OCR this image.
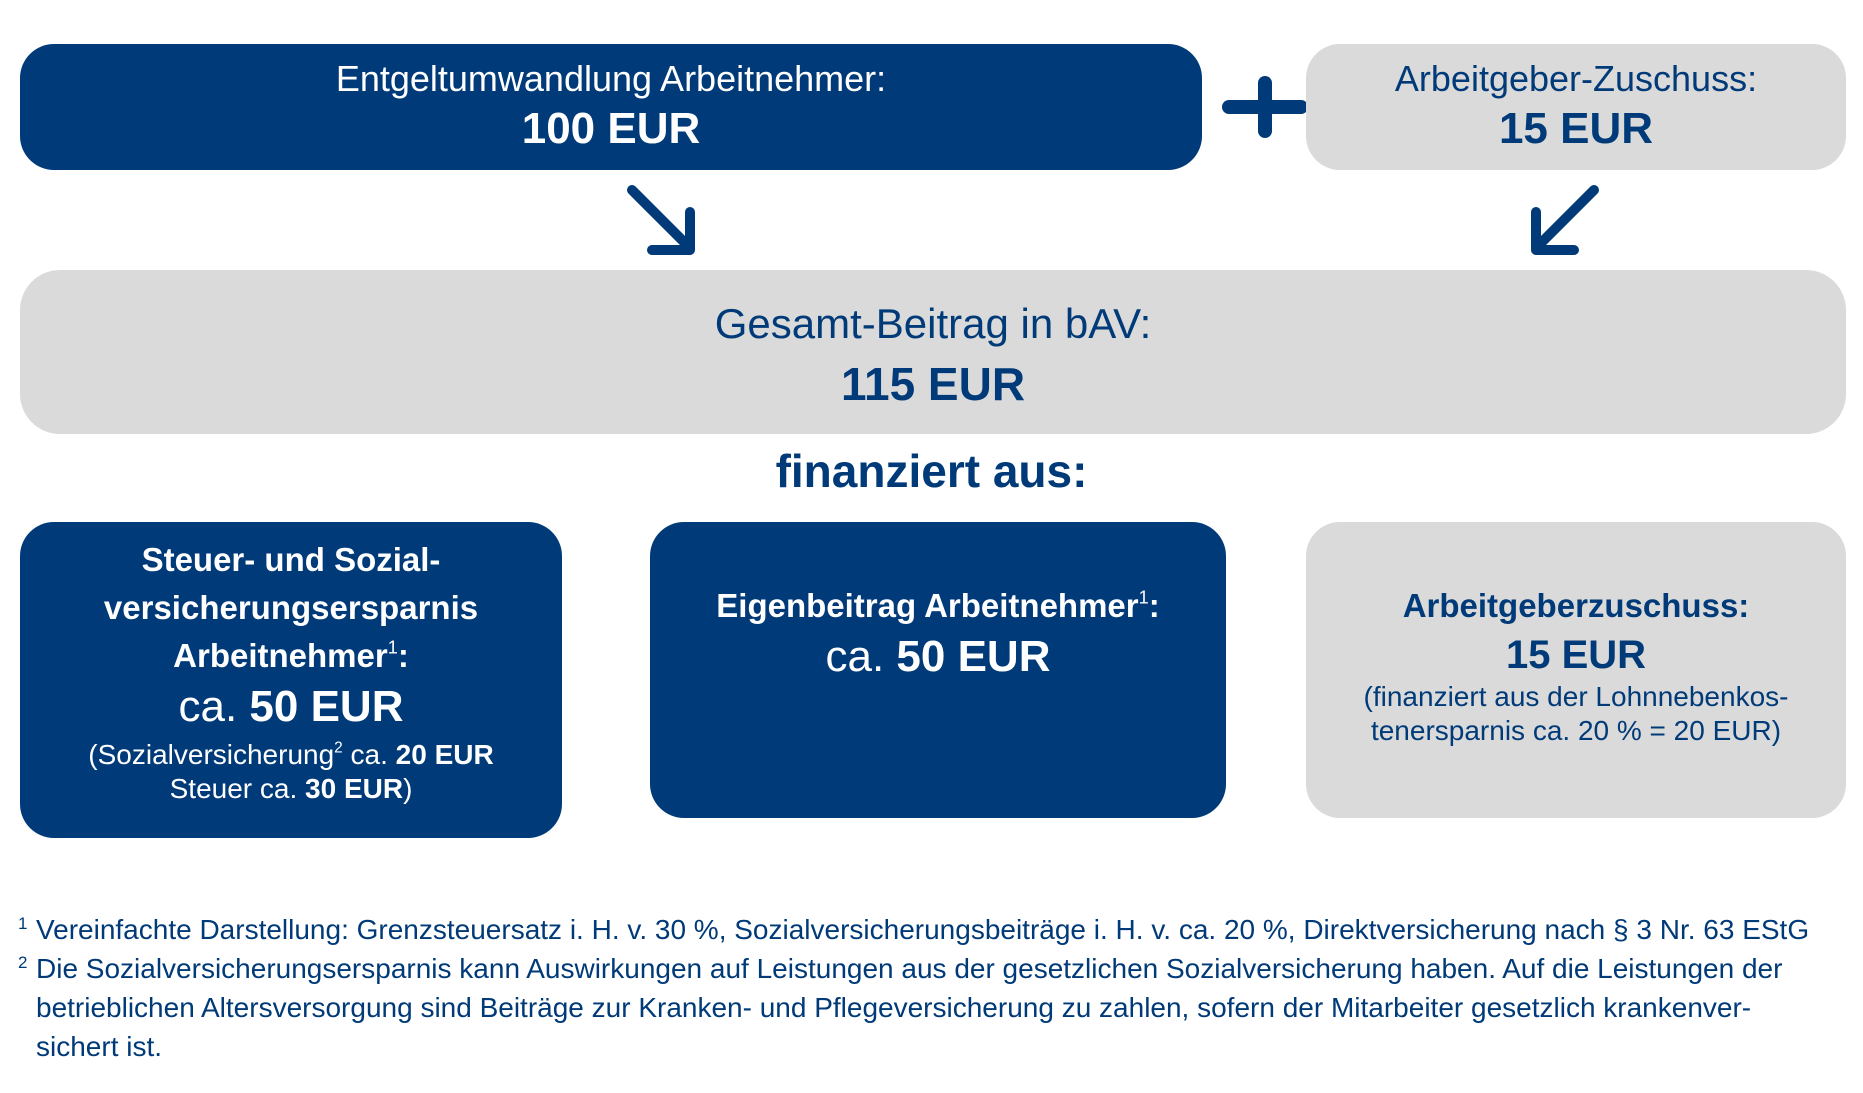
Entgeltumwandlung Arbeitnehmer:
100 EUR
Arbeitgeber-Zuschuss:
15 EUR
Gesamt-Beitrag in bAV:
115 EUR
finanziert aus:
Steuer- und Sozial-
versicherungsersparnis
Arbeitnehmer$^1$:
ca. 50 EUR
(Sozialversicherung$^2$ ca. 20 EUR
Steuer ca. 30 EUR)
Eigenbeitrag Arbeitnehmer$^1$:
ca. 50 EUR
Arbeitgeberzuschuss:
15 EUR
(finanziert aus der Lohnnebenkos-
tenersparnis ca. 20 % = 20 EUR)
1 Vereinfachte Darstellung: Grenzsteuersatz i. H. v. 30 %, Sozialversicherungsbeiträge i. H. v. ca. 20 %, Direktversicherung nach § 3 Nr. 63 EStG
2 Die Sozialversicherungsersparnis kann Auswirkungen auf Leistungen aus der gesetzlichen Sozialversicherung haben. Auf die Leistungen der
betrieblichen Altersversorgung sind Beiträge zur Kranken- und Pflegeversicherung zu zahlen, sofern der Mitarbeiter gesetzlich krankenver-
sichert ist.
